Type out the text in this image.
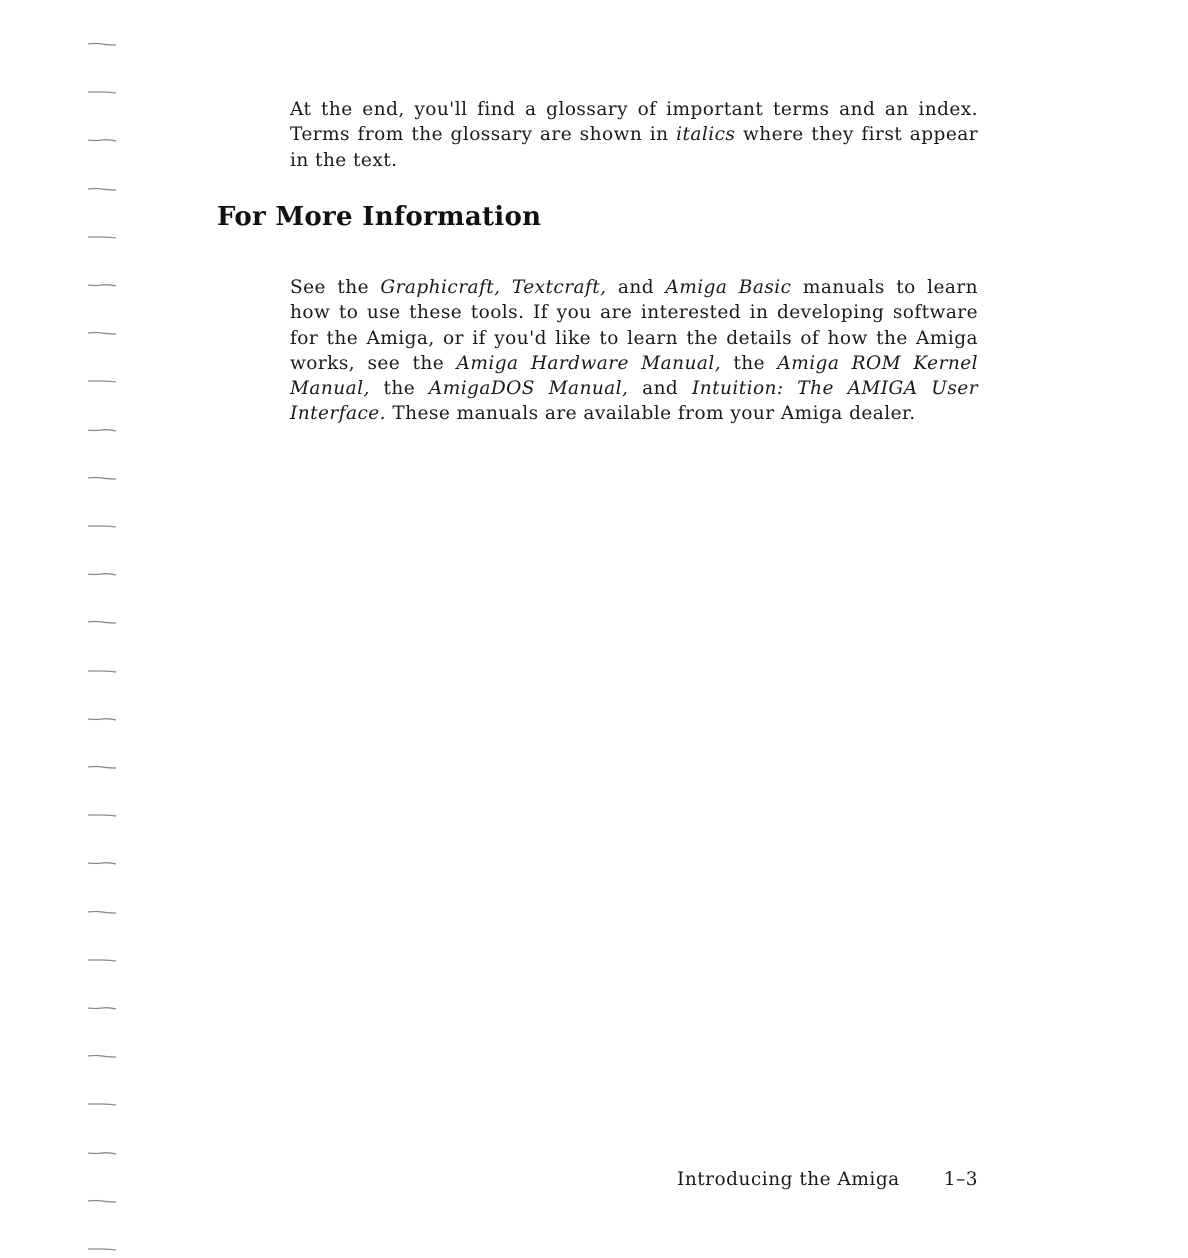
At the end, you'll find a glossary of important terms and an index. Terms from the glossary are shown in italics where they first appear in the text.

For More Information

See the Graphicraft, Textcraft, and Amiga Basic manuals to learn how to use these tools. If you are interested in developing software for the Amiga, or if you'd like to learn the details of how the Amiga works, see the Amiga Hardware Manual, the Amiga ROM Kernel Manual, the AmigaDOS Manual, and Intuition: The AMIGA User Interface. These manuals are available from your Amiga dealer.

Introducing the Amiga 1–3
